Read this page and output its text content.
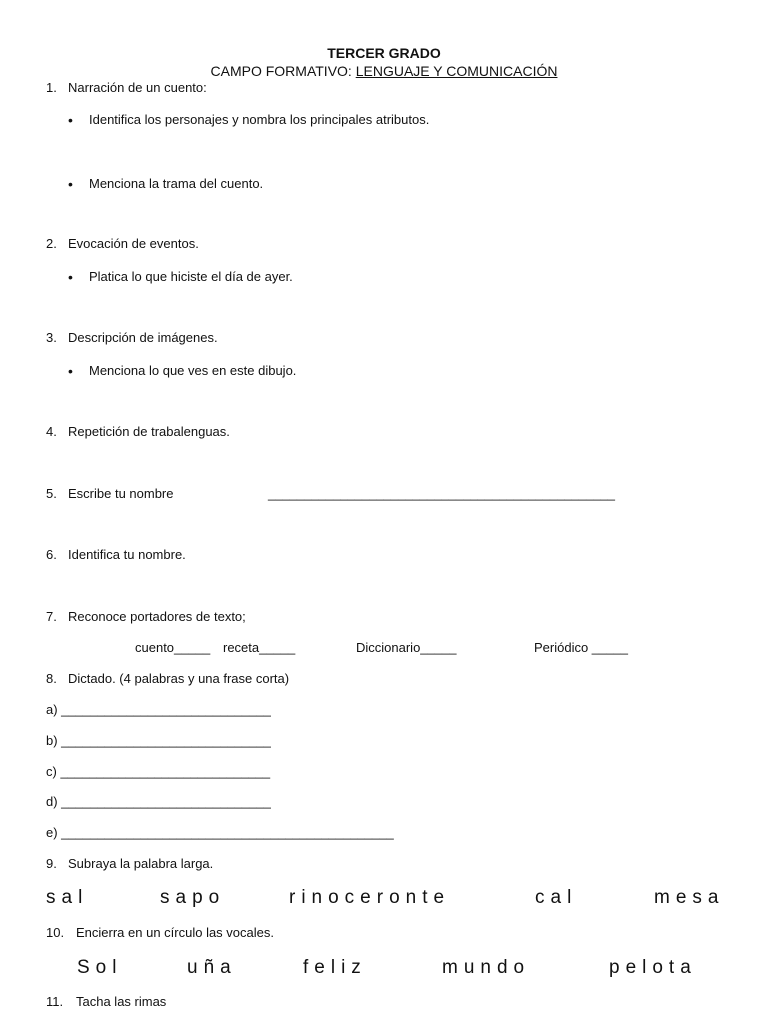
TERCER GRADO
CAMPO FORMATIVO: LENGUAJE Y COMUNICACIÓN
1. Narración de un cuento:
2. Evocación de eventos.
3. Descripción de imágenes.
4. Repetición de trabalenguas.
5. Escribe tu nombre	________________________________________________
6. Identifica tu nombre.
7. Reconoce portadores de texto;
8. Dictado. (4 palabras y una frase corta)
9. Subraya la palabra larga.
10. Encierra en un círculo las vocales.
11. Tacha las rimas
• Identifica los personajes y nombra los principales atributos.
• Menciona la trama del cuento.
• Platica lo que hiciste el día de ayer.
• Menciona lo que ves en este dibujo.
cuento_____ receta_____	Diccionario_____	Periódico _____
a) _____________________________
b) _____________________________
c) _____________________________
d) _____________________________
e) ______________________________________________
sal	sapo	rinoceronte	cal	mesa
Sol	uña	feliz	mundo	pelota
